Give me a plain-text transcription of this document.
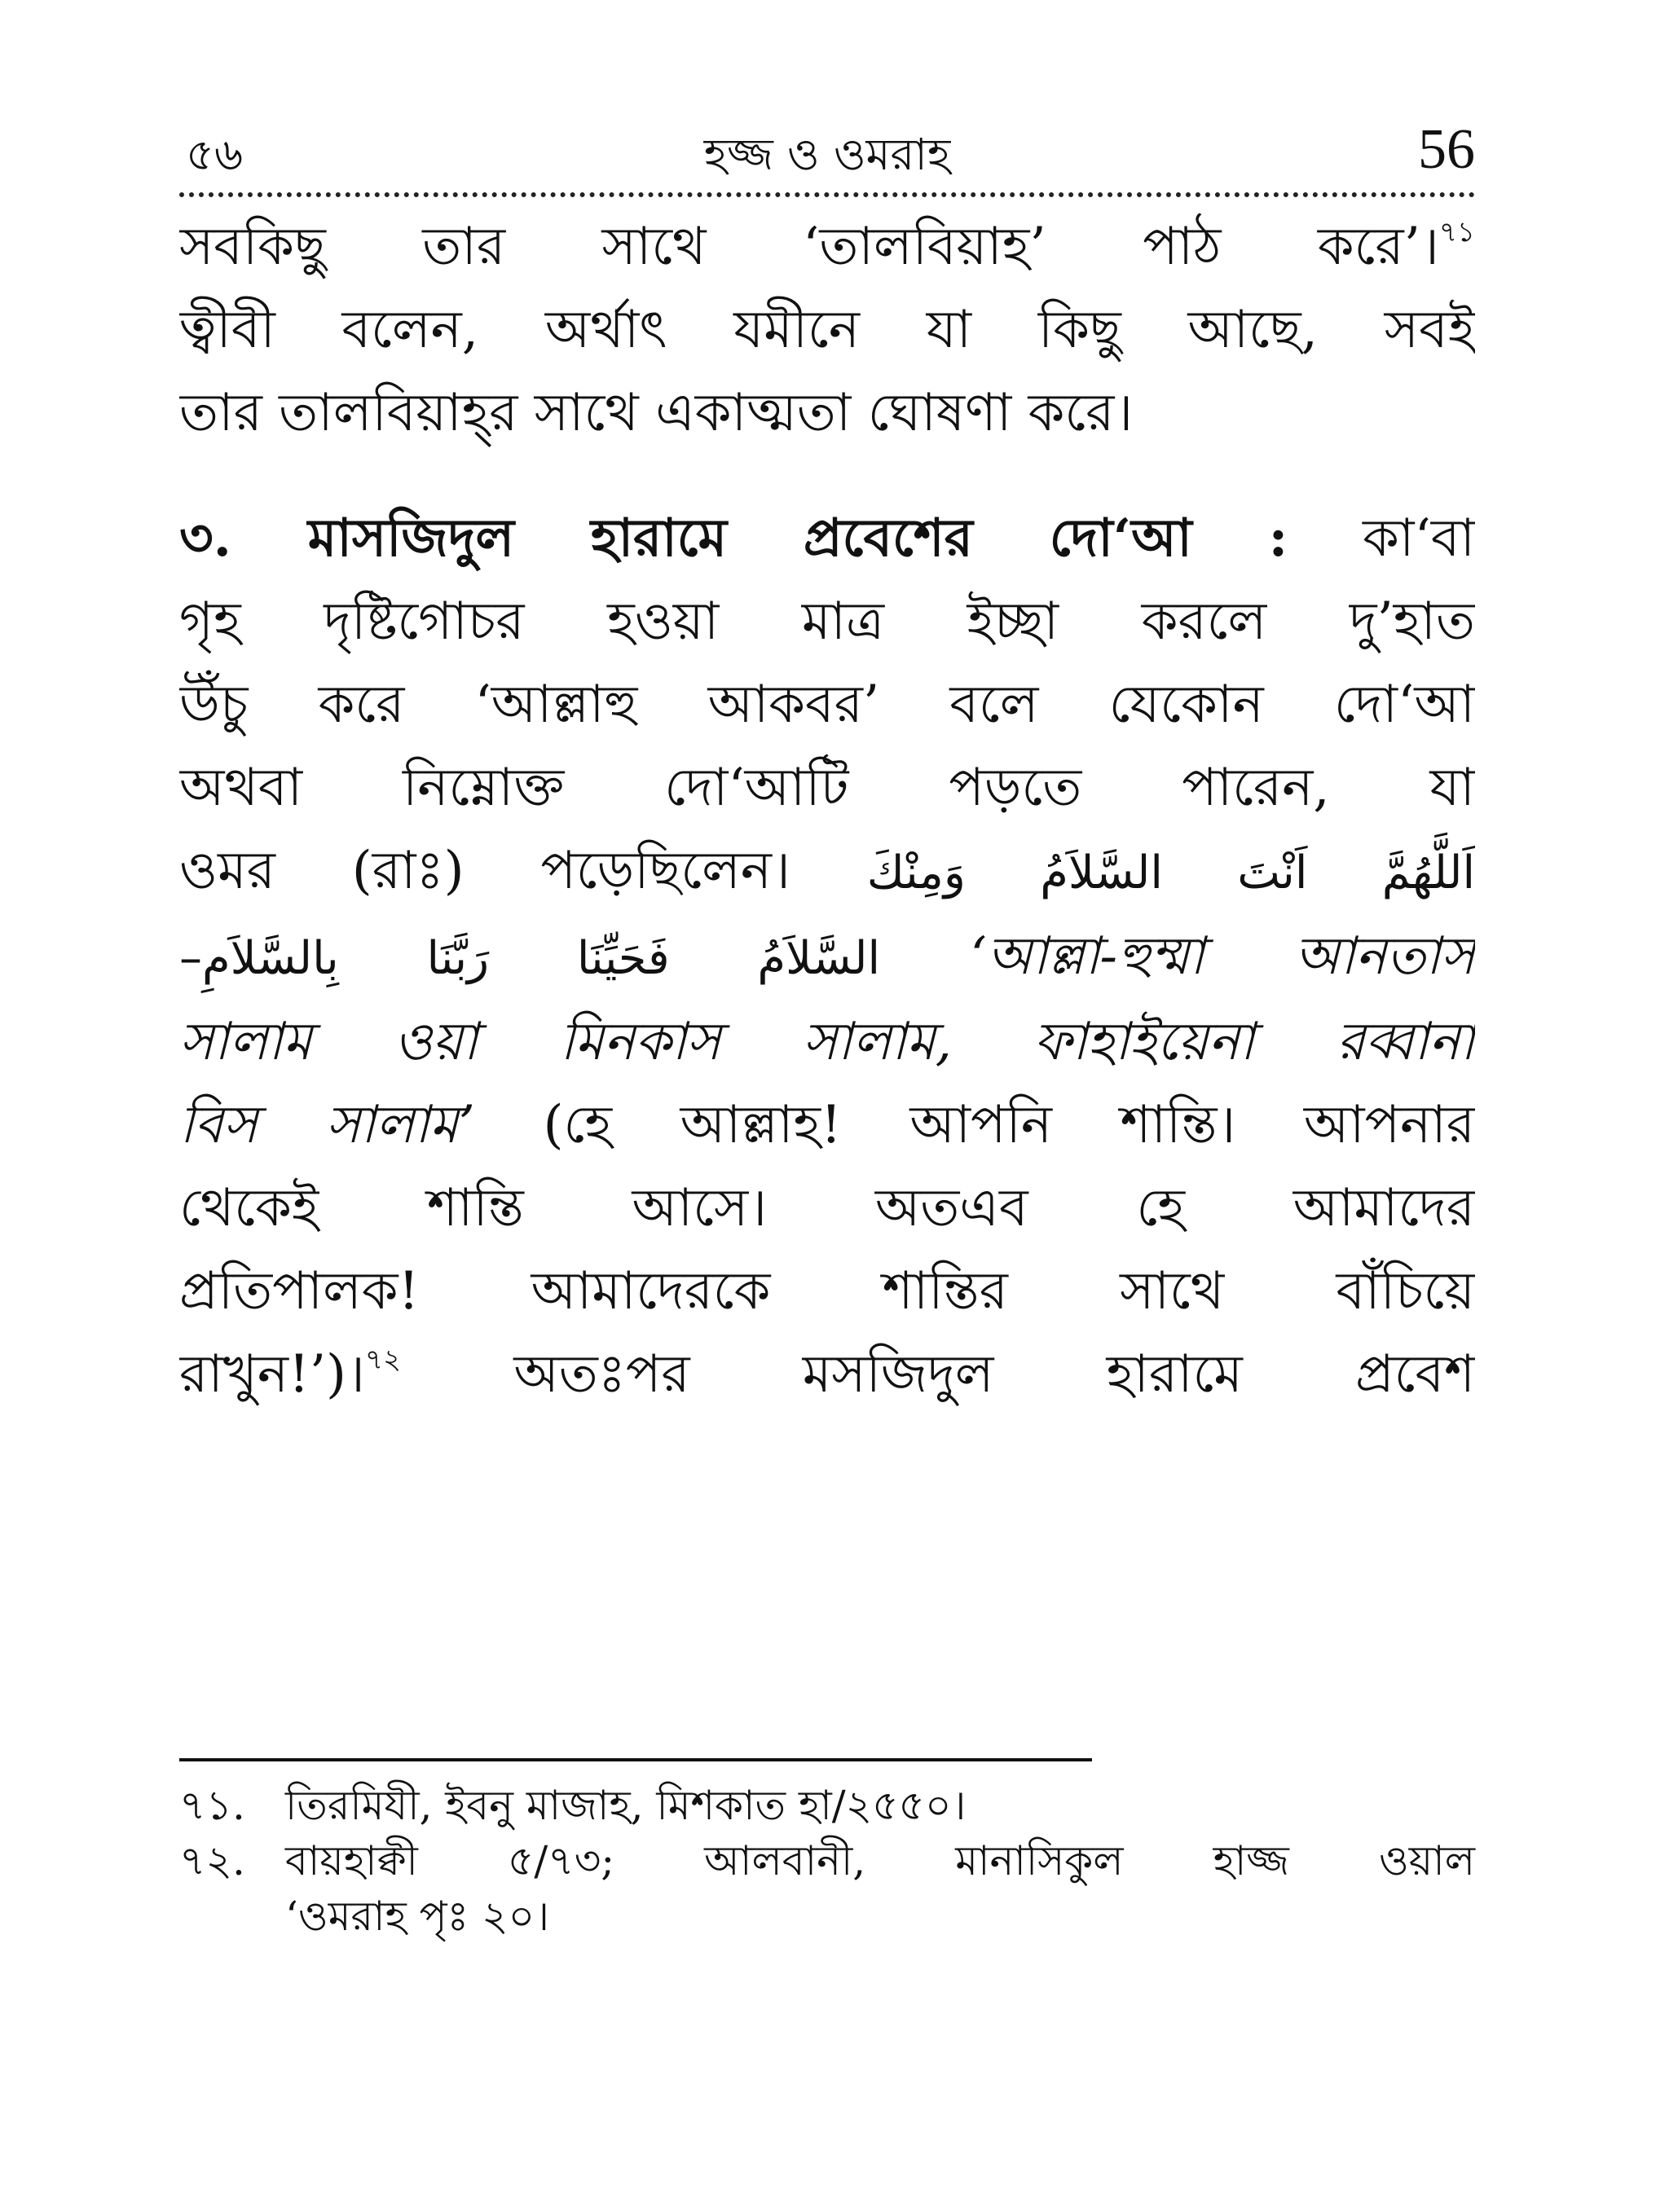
৫৬	হজ্জ ও ওমরাহ	56
সবকিছু তার সাথে ‘তালবিয়াহ’ পাঠ করে’।$^{৭১}$
ত্বীবী বলেন, অর্থাৎ যমীনে যা কিছু আছে, সবই
তার তালবিয়াহ্‌র সাথে একাত্মতা ঘোষণা করে।
৩. মাসজিদুল হারামে প্রবেশের দো‘আ : কা‘বা
গৃহ দৃষ্টিগোচর হওয়া মাত্র ইচ্ছা করলে দু’হাত
উঁচু করে ‘আল্লাহু আকবর’ বলে যেকোন দো‘আ
অথবা নিম্নোক্ত দো‘আটি পড়তে পারেন, যা
ওমর (রাঃ) পড়েছিলেন। اَللَّهُمَّ اَنْتَ السَّلاَمُ وَمِنْكَ
السَّلاَمُ فَحَيِّنَا رَبَّنَا بِالسَّلاَمِ– ‘আল্লা-হুম্মা আনতাস
সালাম ওয়া মিনকাস সালাম, ফাহাইয়েনা রব্বানা
বিস সালাম’ (হে আল্লাহ! আপনি শান্তি। আপনার
থেকেই শান্তি আসে। অতএব হে আমাদের
প্রতিপালক! আমাদেরকে শান্তির সাথে বাঁচিয়ে
রাখুন!’)।$^{৭২}$ অতঃপর মসজিদুল হারামে প্রবেশ
৭১. তিরমিযী, ইবনু মাজাহ, মিশকাত হা/২৫৫০।
৭২. বায়হাক্বী ৫/৭৩; আলবানী, মানাসিকুল হাজ্জ ওয়াল
‘ওমরাহ পৃঃ ২০।
